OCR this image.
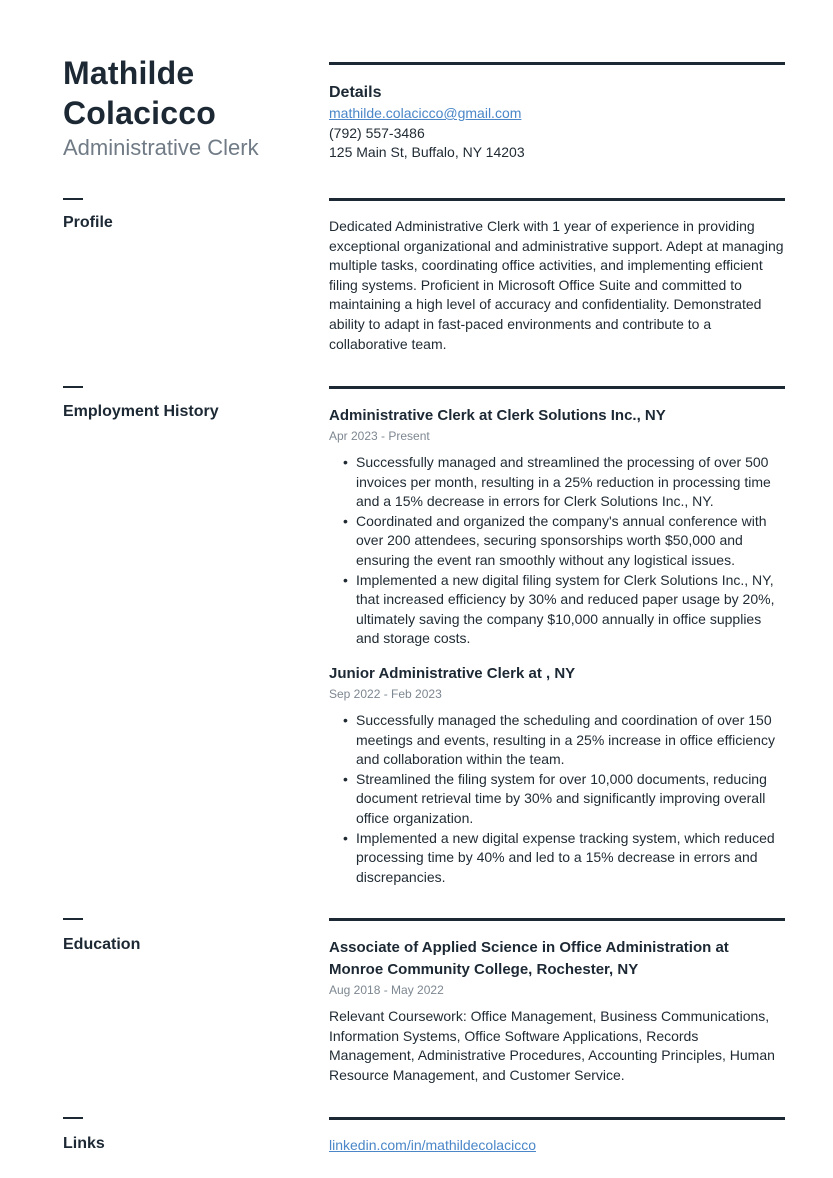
Mathilde
Colacicco
Administrative Clerk
Details
mathilde.colacicco@gmail.com
(792) 557-3486
125 Main St, Buffalo, NY 14203
Profile	Dedicated Administrative Clerk with 1 year of experience in providing exceptional organizational and administrative support. Adept at managing multiple tasks, coordinating office activities, and implementing efficient filing systems. Proficient in Microsoft Office Suite and committed to maintaining a high level of accuracy and confidentiality. Demonstrated ability to adapt in fast-paced environments and contribute to a collaborative team.
Employment History	Administrative Clerk at Clerk Solutions Inc., NY
Apr 2023 - Present
• Successfully managed and streamlined the processing of over 500 invoices per month, resulting in a 25% reduction in processing time and a 15% decrease in errors for Clerk Solutions Inc., NY.
• Coordinated and organized the company's annual conference with over 200 attendees, securing sponsorships worth $50,000 and ensuring the event ran smoothly without any logistical issues.
• Implemented a new digital filing system for Clerk Solutions Inc., NY, that increased efficiency by 30% and reduced paper usage by 20%, ultimately saving the company $10,000 annually in office supplies and storage costs.
Junior Administrative Clerk at , NY
Sep 2022 - Feb 2023
• Successfully managed the scheduling and coordination of over 150 meetings and events, resulting in a 25% increase in office efficiency and collaboration within the team.
• Streamlined the filing system for over 10,000 documents, reducing document retrieval time by 30% and significantly improving overall office organization.
• Implemented a new digital expense tracking system, which reduced processing time by 40% and led to a 15% decrease in errors and discrepancies.
Education	Associate of Applied Science in Office Administration at Monroe Community College, Rochester, NY
Aug 2018 - May 2022
Relevant Coursework: Office Management, Business Communications, Information Systems, Office Software Applications, Records Management, Administrative Procedures, Accounting Principles, Human Resource Management, and Customer Service.
Links	linkedin.com/in/mathildecolacicco
